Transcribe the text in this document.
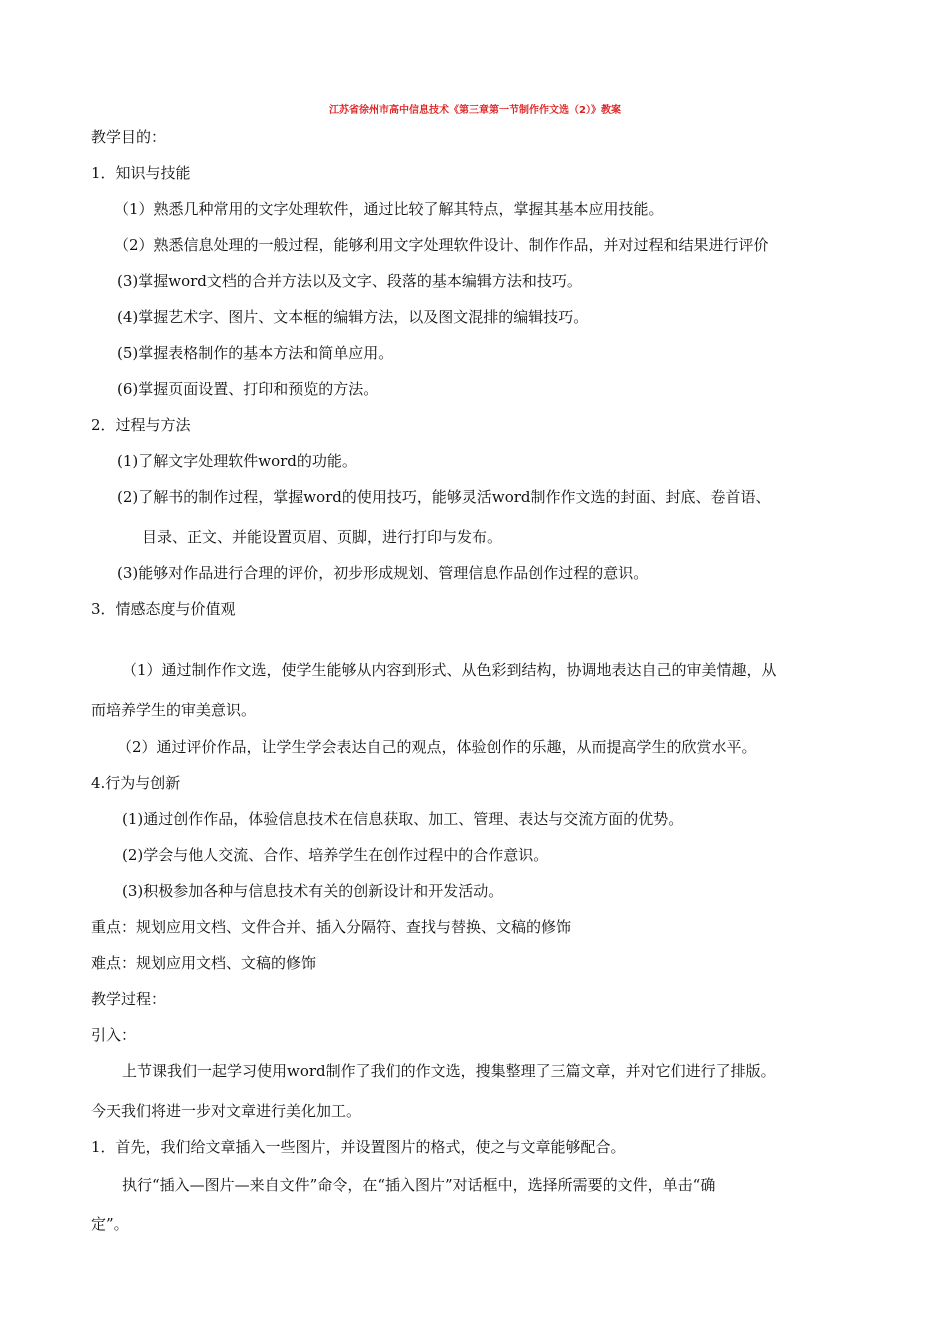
江苏省徐州市高中信息技术《第三章第一节制作作文选（2）》教案
教学目的：
1．知识与技能
（1）熟悉几种常用的文字处理软件，通过比较了解其特点，掌握其基本应用技能。
（2）熟悉信息处理的一般过程，能够利用文字处理软件设计、制作作品，并对过程和结果进行评价
(3)掌握word文档的合并方法以及文字、段落的基本编辑方法和技巧。
(4)掌握艺术字、图片、文本框的编辑方法，以及图文混排的编辑技巧。
(5)掌握表格制作的基本方法和简单应用。
(6)掌握页面设置、打印和预览的方法。
2．过程与方法
(1)了解文字处理软件word的功能。
(2)了解书的制作过程，掌握word的使用技巧，能够灵活word制作作文选的封面、封底、卷首语、
目录、正文、并能设置页眉、页脚，进行打印与发布。
(3)能够对作品进行合理的评价，初步形成规划、管理信息作品创作过程的意识。
3．情感态度与价值观
（1）通过制作作文选，使学生能够从内容到形式、从色彩到结构，协调地表达自己的审美情趣，从
而培养学生的审美意识。
（2）通过评价作品，让学生学会表达自己的观点，体验创作的乐趣，从而提高学生的欣赏水平。
4.行为与创新
(1)通过创作作品，体验信息技术在信息获取、加工、管理、表达与交流方面的优势。
(2)学会与他人交流、合作、培养学生在创作过程中的合作意识。
(3)积极参加各种与信息技术有关的创新设计和开发活动。
重点：规划应用文档、文件合并、插入分隔符、查找与替换、文稿的修饰
难点：规划应用文档、文稿的修饰
教学过程：
引入：
上节课我们一起学习使用word制作了我们的作文选，搜集整理了三篇文章，并对它们进行了排版。
今天我们将进一步对文章进行美化加工。
1．首先，我们给文章插入一些图片，并设置图片的格式，使之与文章能够配合。
执行“插入—图片—来自文件”命令，在“插入图片”对话框中，选择所需要的文件，单击“确
定”。
